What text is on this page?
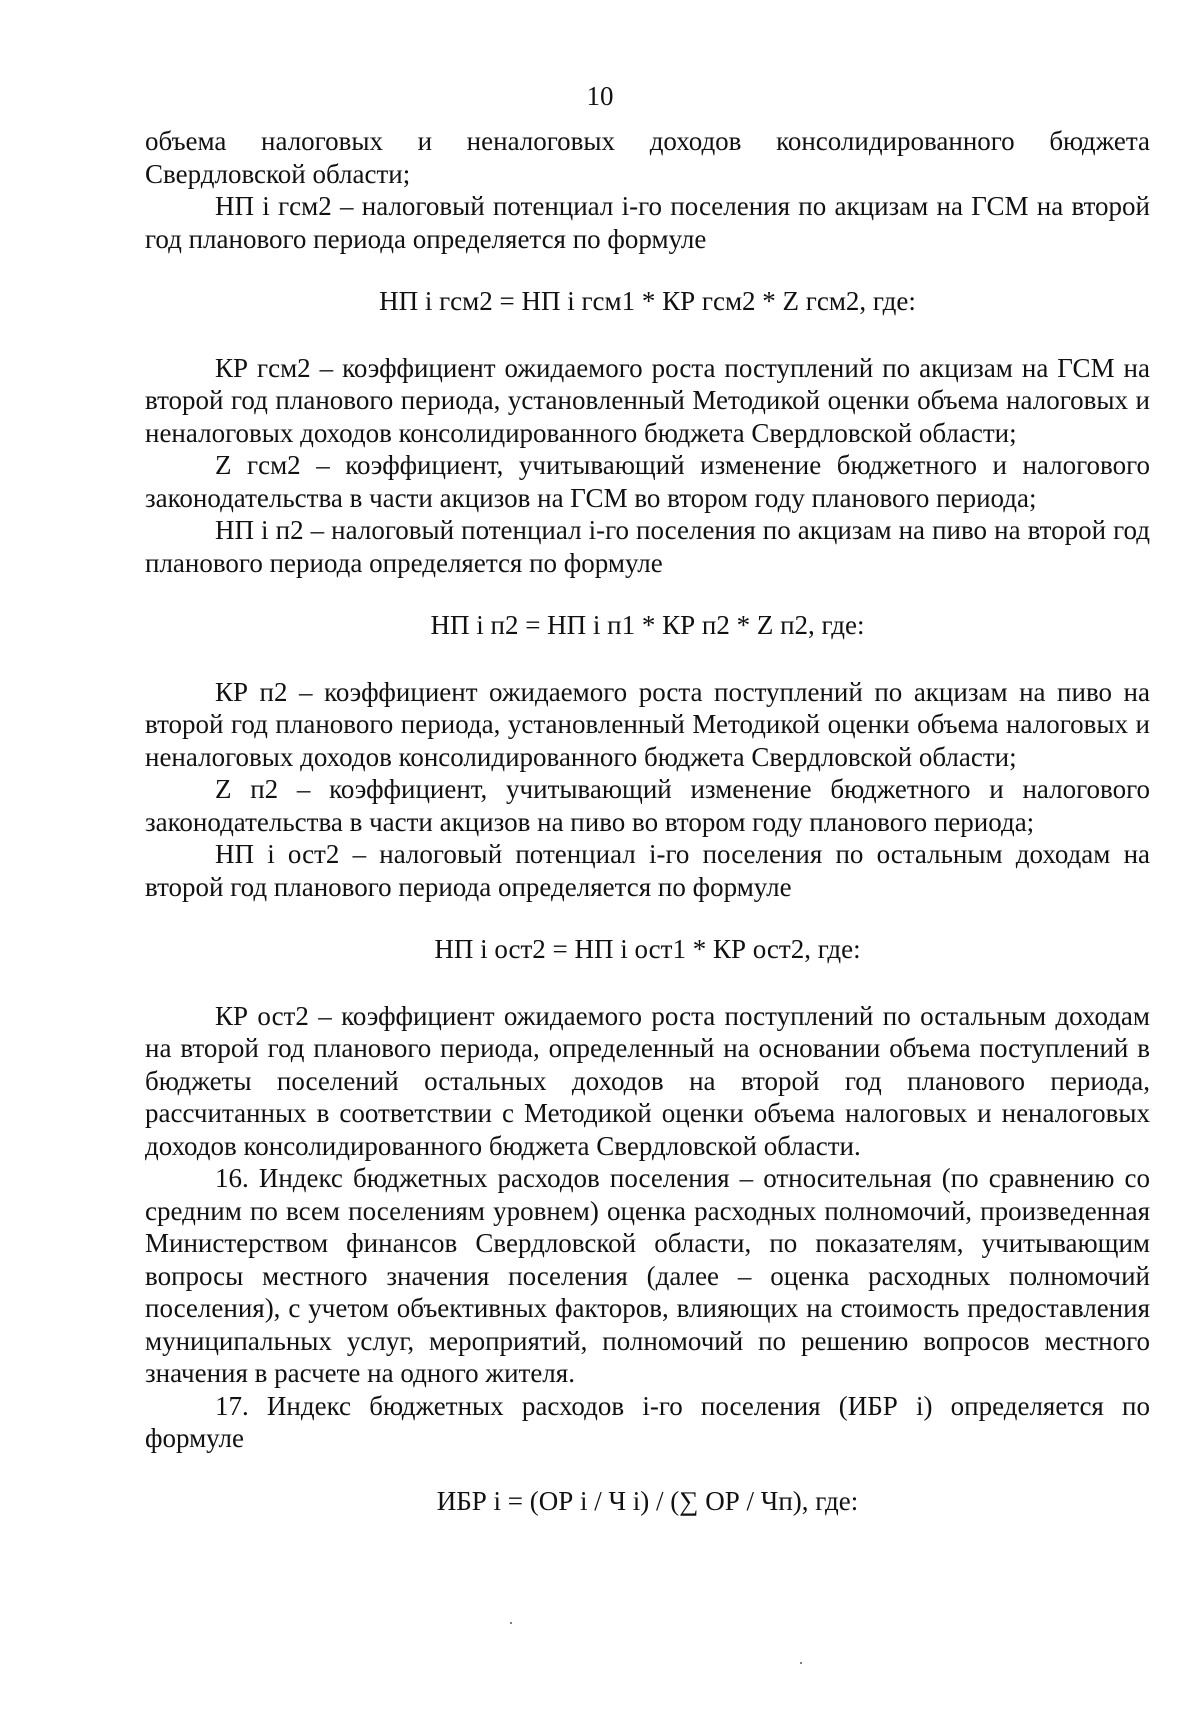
10

объема налоговых и неналоговых доходов консолидированного бюджета Свердловской области;

НП i гсм2 – налоговый потенциал i-го поселения по акцизам на ГСМ на второй год планового периода определяется по формуле

НП i гсм2 = НП i гсм1 * КР гсм2 * Z гсм2, где:

КР гсм2 – коэффициент ожидаемого роста поступлений по акцизам на ГСМ на второй год планового периода, установленный Методикой оценки объема налоговых и неналоговых доходов консолидированного бюджета Свердловской области;

Z гсм2 – коэффициент, учитывающий изменение бюджетного и налогового законодательства в части акцизов на ГСМ во втором году планового периода;

НП i п2 – налоговый потенциал i-го поселения по акцизам на пиво на второй год планового периода определяется по формуле

НП i п2 = НП i п1 * КР п2 * Z п2, где:

КР п2 – коэффициент ожидаемого роста поступлений по акцизам на пиво на второй год планового периода, установленный Методикой оценки объема налоговых и неналоговых доходов консолидированного бюджета Свердловской области;

Z п2 – коэффициент, учитывающий изменение бюджетного и налогового законодательства в части акцизов на пиво во втором году планового периода;

НП i ост2 – налоговый потенциал i-го поселения по остальным доходам на второй год планового периода определяется по формуле

НП i ост2 = НП i ост1 * КР ост2, где:

КР ост2 – коэффициент ожидаемого роста поступлений по остальным доходам на второй год планового периода, определенный на основании объема поступлений в бюджеты поселений остальных доходов на второй год планового периода, рассчитанных в соответствии с Методикой оценки объема налоговых и неналоговых доходов консолидированного бюджета Свердловской области.

16. Индекс бюджетных расходов поселения – относительная (по сравнению со средним по всем поселениям уровнем) оценка расходных полномочий, произведенная Министерством финансов Свердловской области, по показателям, учитывающим вопросы местного значения поселения (далее – оценка расходных полномочий поселения), с учетом объективных факторов, влияющих на стоимость предоставления муниципальных услуг, мероприятий, полномочий по решению вопросов местного значения в расчете на одного жителя.

17. Индекс бюджетных расходов i-го поселения (ИБР i) определяется по формуле

ИБР i = (ОР i / Ч i) / (∑ ОР / Чп), где:
